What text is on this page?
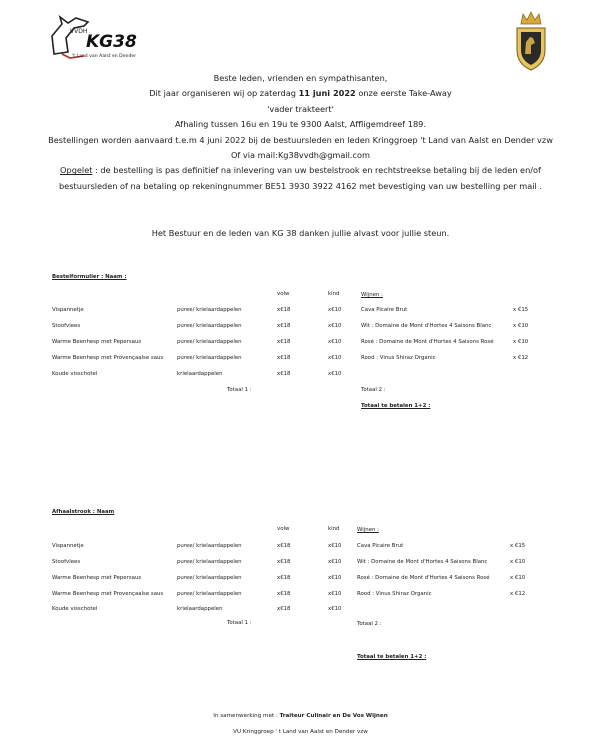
VVDH
KG38
't Land van Aalst en Dender

Beste leden, vrienden en sympathisanten,

Dit jaar organiseren wij op zaterdag 11 juni 2022 onze eerste Take-Away

'vader trakteert'

Afhaling tussen 16u en 19u te 9300 Aalst, Affligemdreef 189.

Bestellingen worden aanvaard t.e.m 4 juni 2022 bij de bestuursleden en leden Kringgroep 't Land van Aalst en Dender vzw

Of via mail:Kg38vvdh@gmail.com

Opgelet : de bestelling is pas definitief na inlevering van uw bestelstrook en rechtstreekse betaling bij de leden en/of

bestuursleden of na betaling op rekeningnummer BE51 3930 3922 4162 met bevestiging van uw bestelling per mail .

Het Bestuur en de leden van KG 38 danken jullie alvast voor jullie steun.

Bestelformulier : Naam :
volw	kind
Vispannetje	puree/ krielaardappelen	x€18	x€10
Stoofvlees	puree/ krielaardappelen	x€18	x€10
Warme Beenhesp met Pepersaus	puree/ krielaardappelen	x€18	x€10
Warme Beenhesp met Provençaalse saus	puree/ krielaardappelen	x€18	x€10
Koude visschotel	krielaardappelen	x€18	x€10
Totaal 1 :
Wijnen :
Cava Picaire Brut	x €15
Wit : Domaine de Mont d'Hortes 4 Saisons Blanc	x €10
Rosé : Domaine de Mont d'Hortes 4 Saisons Rosé	x €10
Rood : Vinus Shiraz Organic	x €12
Totaal 2 :
Totaal te betalen 1+2 :
Afhaalstrook : Naam
volw	kind
Vispannetje	puree/ krielaardappelen	x€18	x€10
Stoofvlees	puree/ krielaardappelen	x€18	x€10
Warme Beenhesp met Pepersaus	puree/ krielaardappelen	x€18	x€10
Warme Beenhesp met Provençaalse saus	puree/ krielaardappelen	x€18	x€10
Koude visschotel	krielaardappelen	x€18	x€10
Totaal 1 :
Wijnen :
Cava Picaire Brut	x €15
Wit : Domaine de Mont d'Hortes 4 Saisons Blanc	x €10
Rosé : Domaine de Mont d'Hortes 4 Saisons Rosé	x €10
Rood : Vinus Shiraz Organic	x €12
Totaal 2 :
Totaal te betalen 1+2 :
In samenwerking met : Traiteur Culinair en De Vos Wijnen
VU Kringgroep ' t Land van Aalst en Dender vzw
